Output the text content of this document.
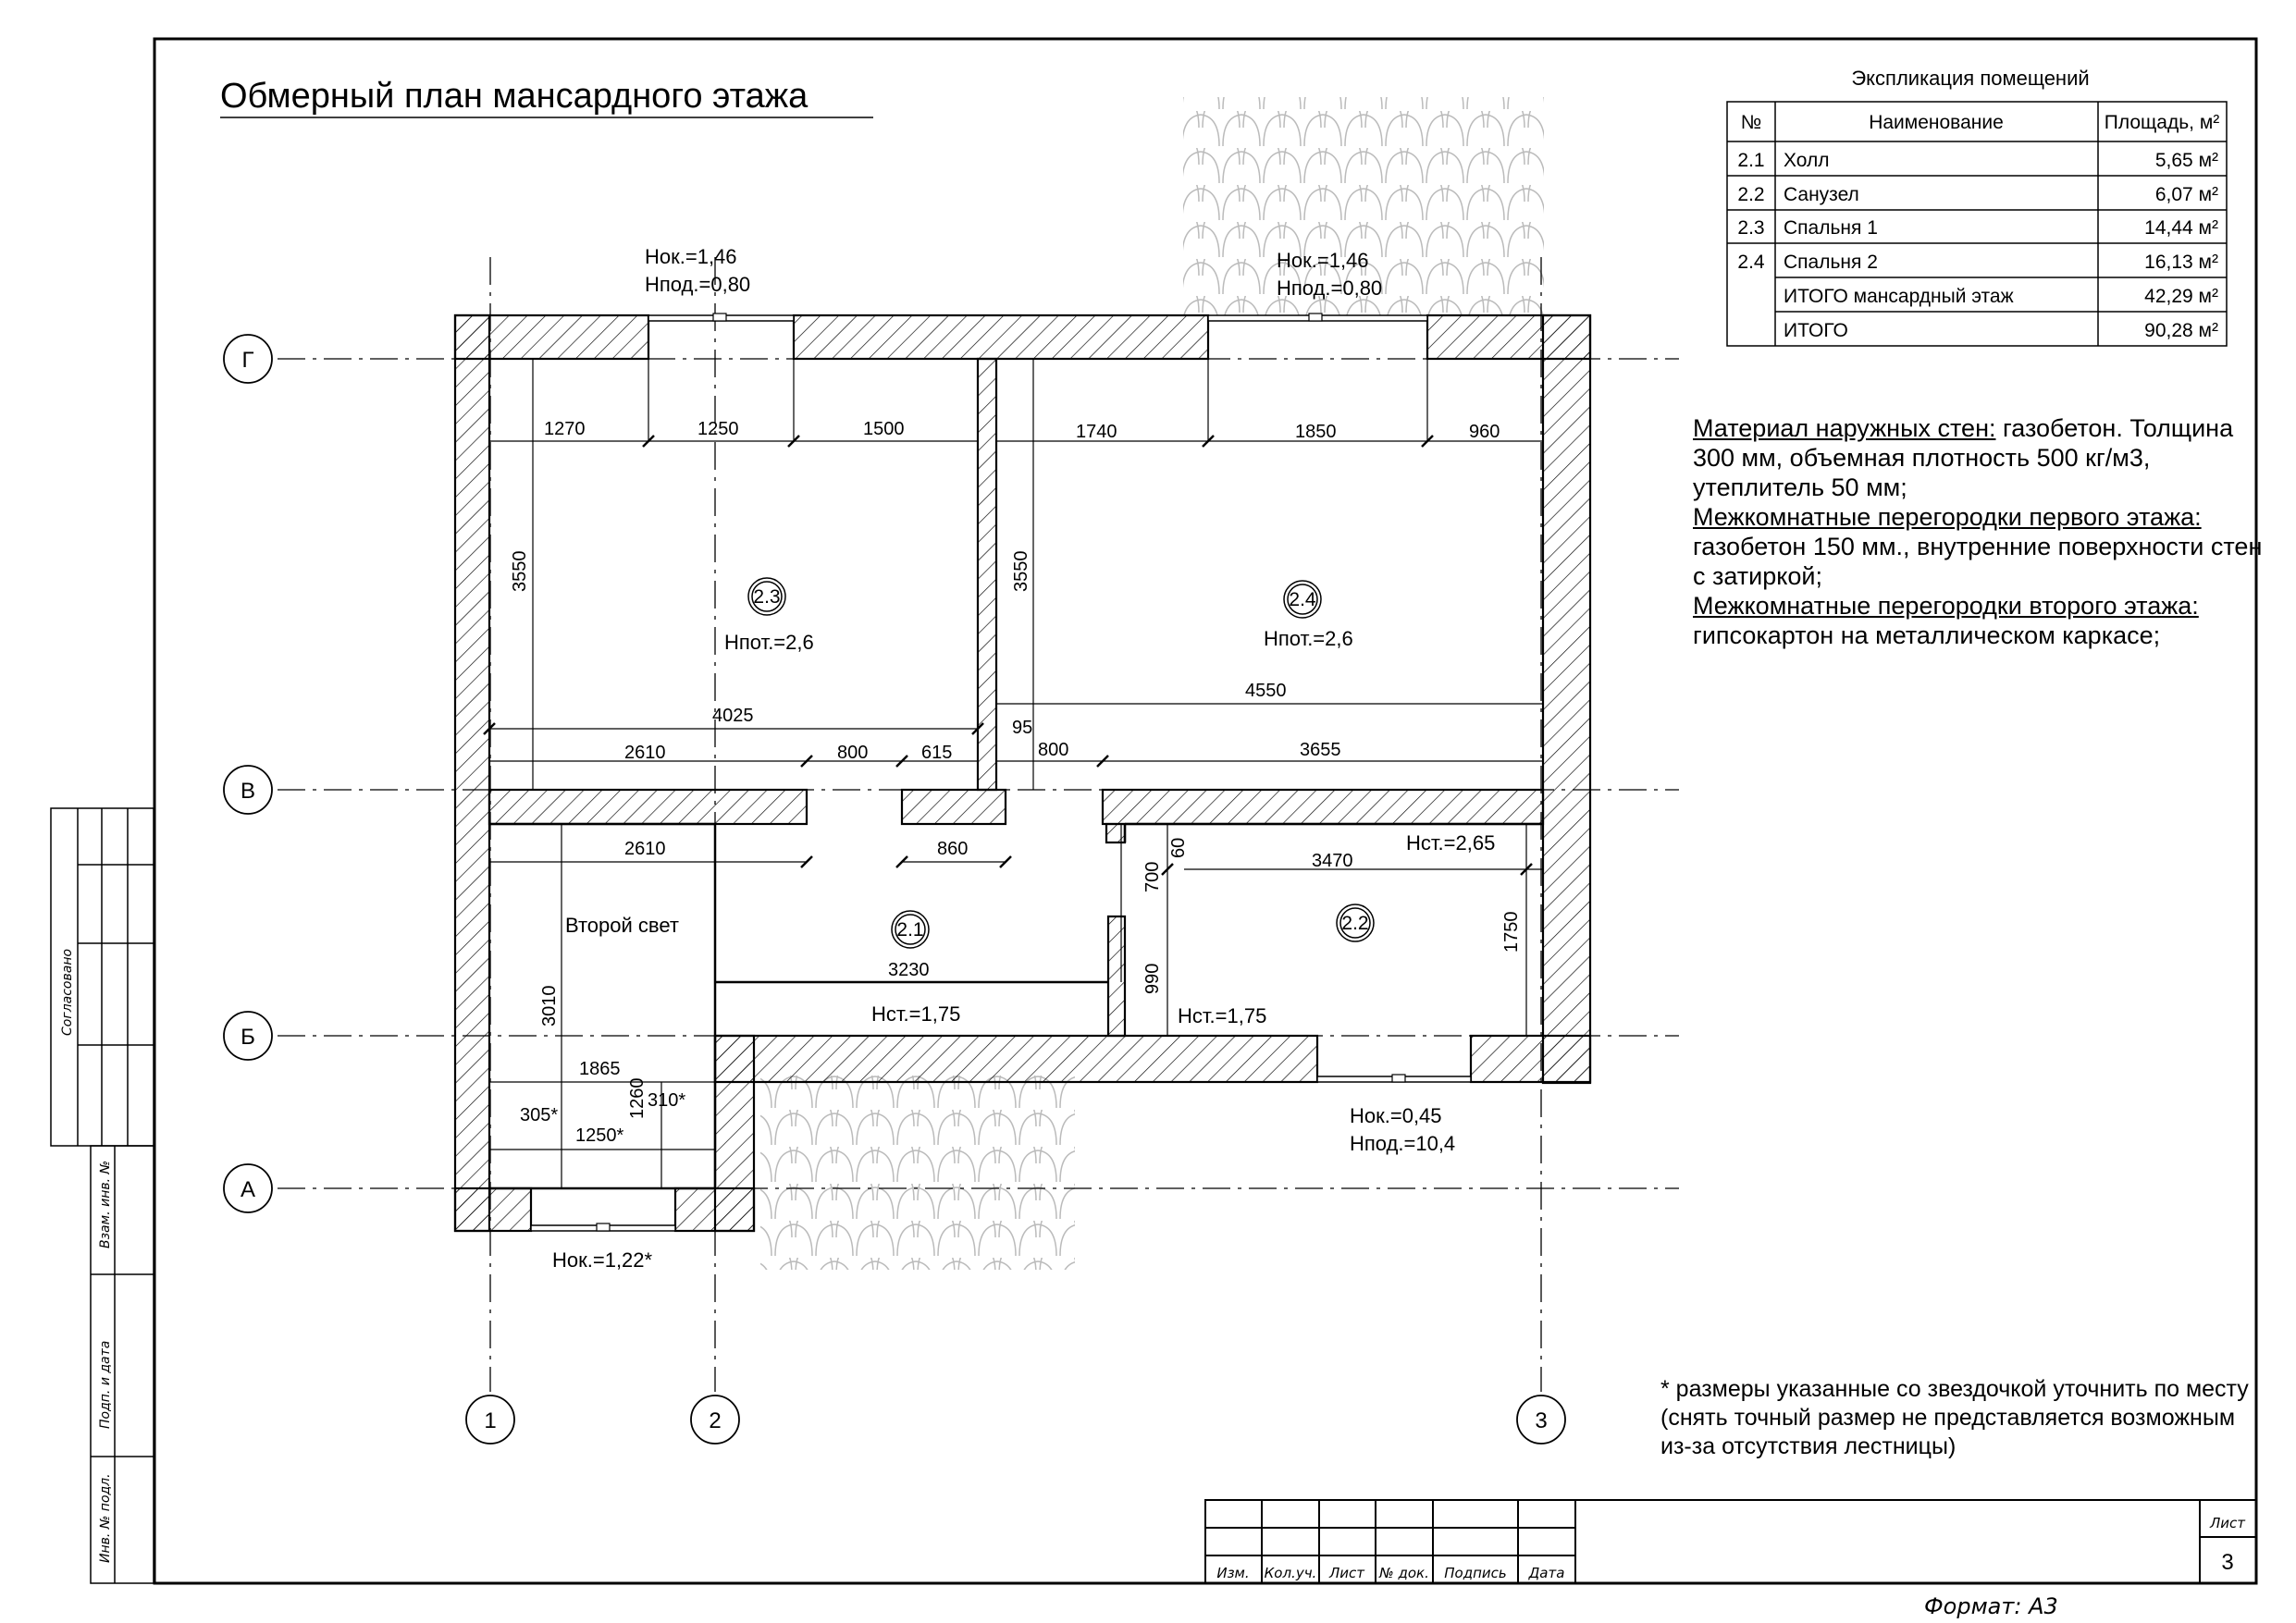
Согласовано
Взам. инв. №
Подп. и дата
Инв. № подл.
Обмерный план мансардного этажа
Г
В
Б
А
1	2	3
2.3	2.4
2.1	2.2
Нпот.=2,6	Нпот.=2,6
Нок.=1,46
Нпод.=0,80
Нок.=1,46
Нпод.=0,80
Нок.=0,45
Нпод.=10,4
Нок.=1,22*
Второй свет
Нст.=2,65
Нст.=1,75	Нст.=1,75
1270	1250	1500	1740	1850	960
3550	3550
4025
4550
2610	800	615
95
800	3655
2610	860	60
700
3470
1750
3230	990
3010
1865
1260
305*
310*
1250*
Экспликация помещений
№	Наименование	Площадь, м²
2.1 Холл	5,65 м²
2.2 Санузел	6,07 м²
2.3 Спальня 1	14,44 м²
2.4 Спальня 2	16,13 м²
ИТОГО мансардный этаж	42,29 м²
ИТОГО	90,28 м²
Изм. Кол.уч. Лист № док. Подпись Дата
Лист
3
Формат: А3
Материал наружных стен: газобетон. Толщина 300 мм, объемная плотность 500 кг/м3, утеплитель 50 мм;
Межкомнатные перегородки первого этажа: газобетон 150 мм., внутренние поверхности стен с затиркой;
Межкомнатные перегородки второго этажа: гипсокартон на металлическом каркасе;
* размеры указанные со звездочкой уточнить по месту (снять точный размер не представляется возможным из-за отсутствия лестницы)
